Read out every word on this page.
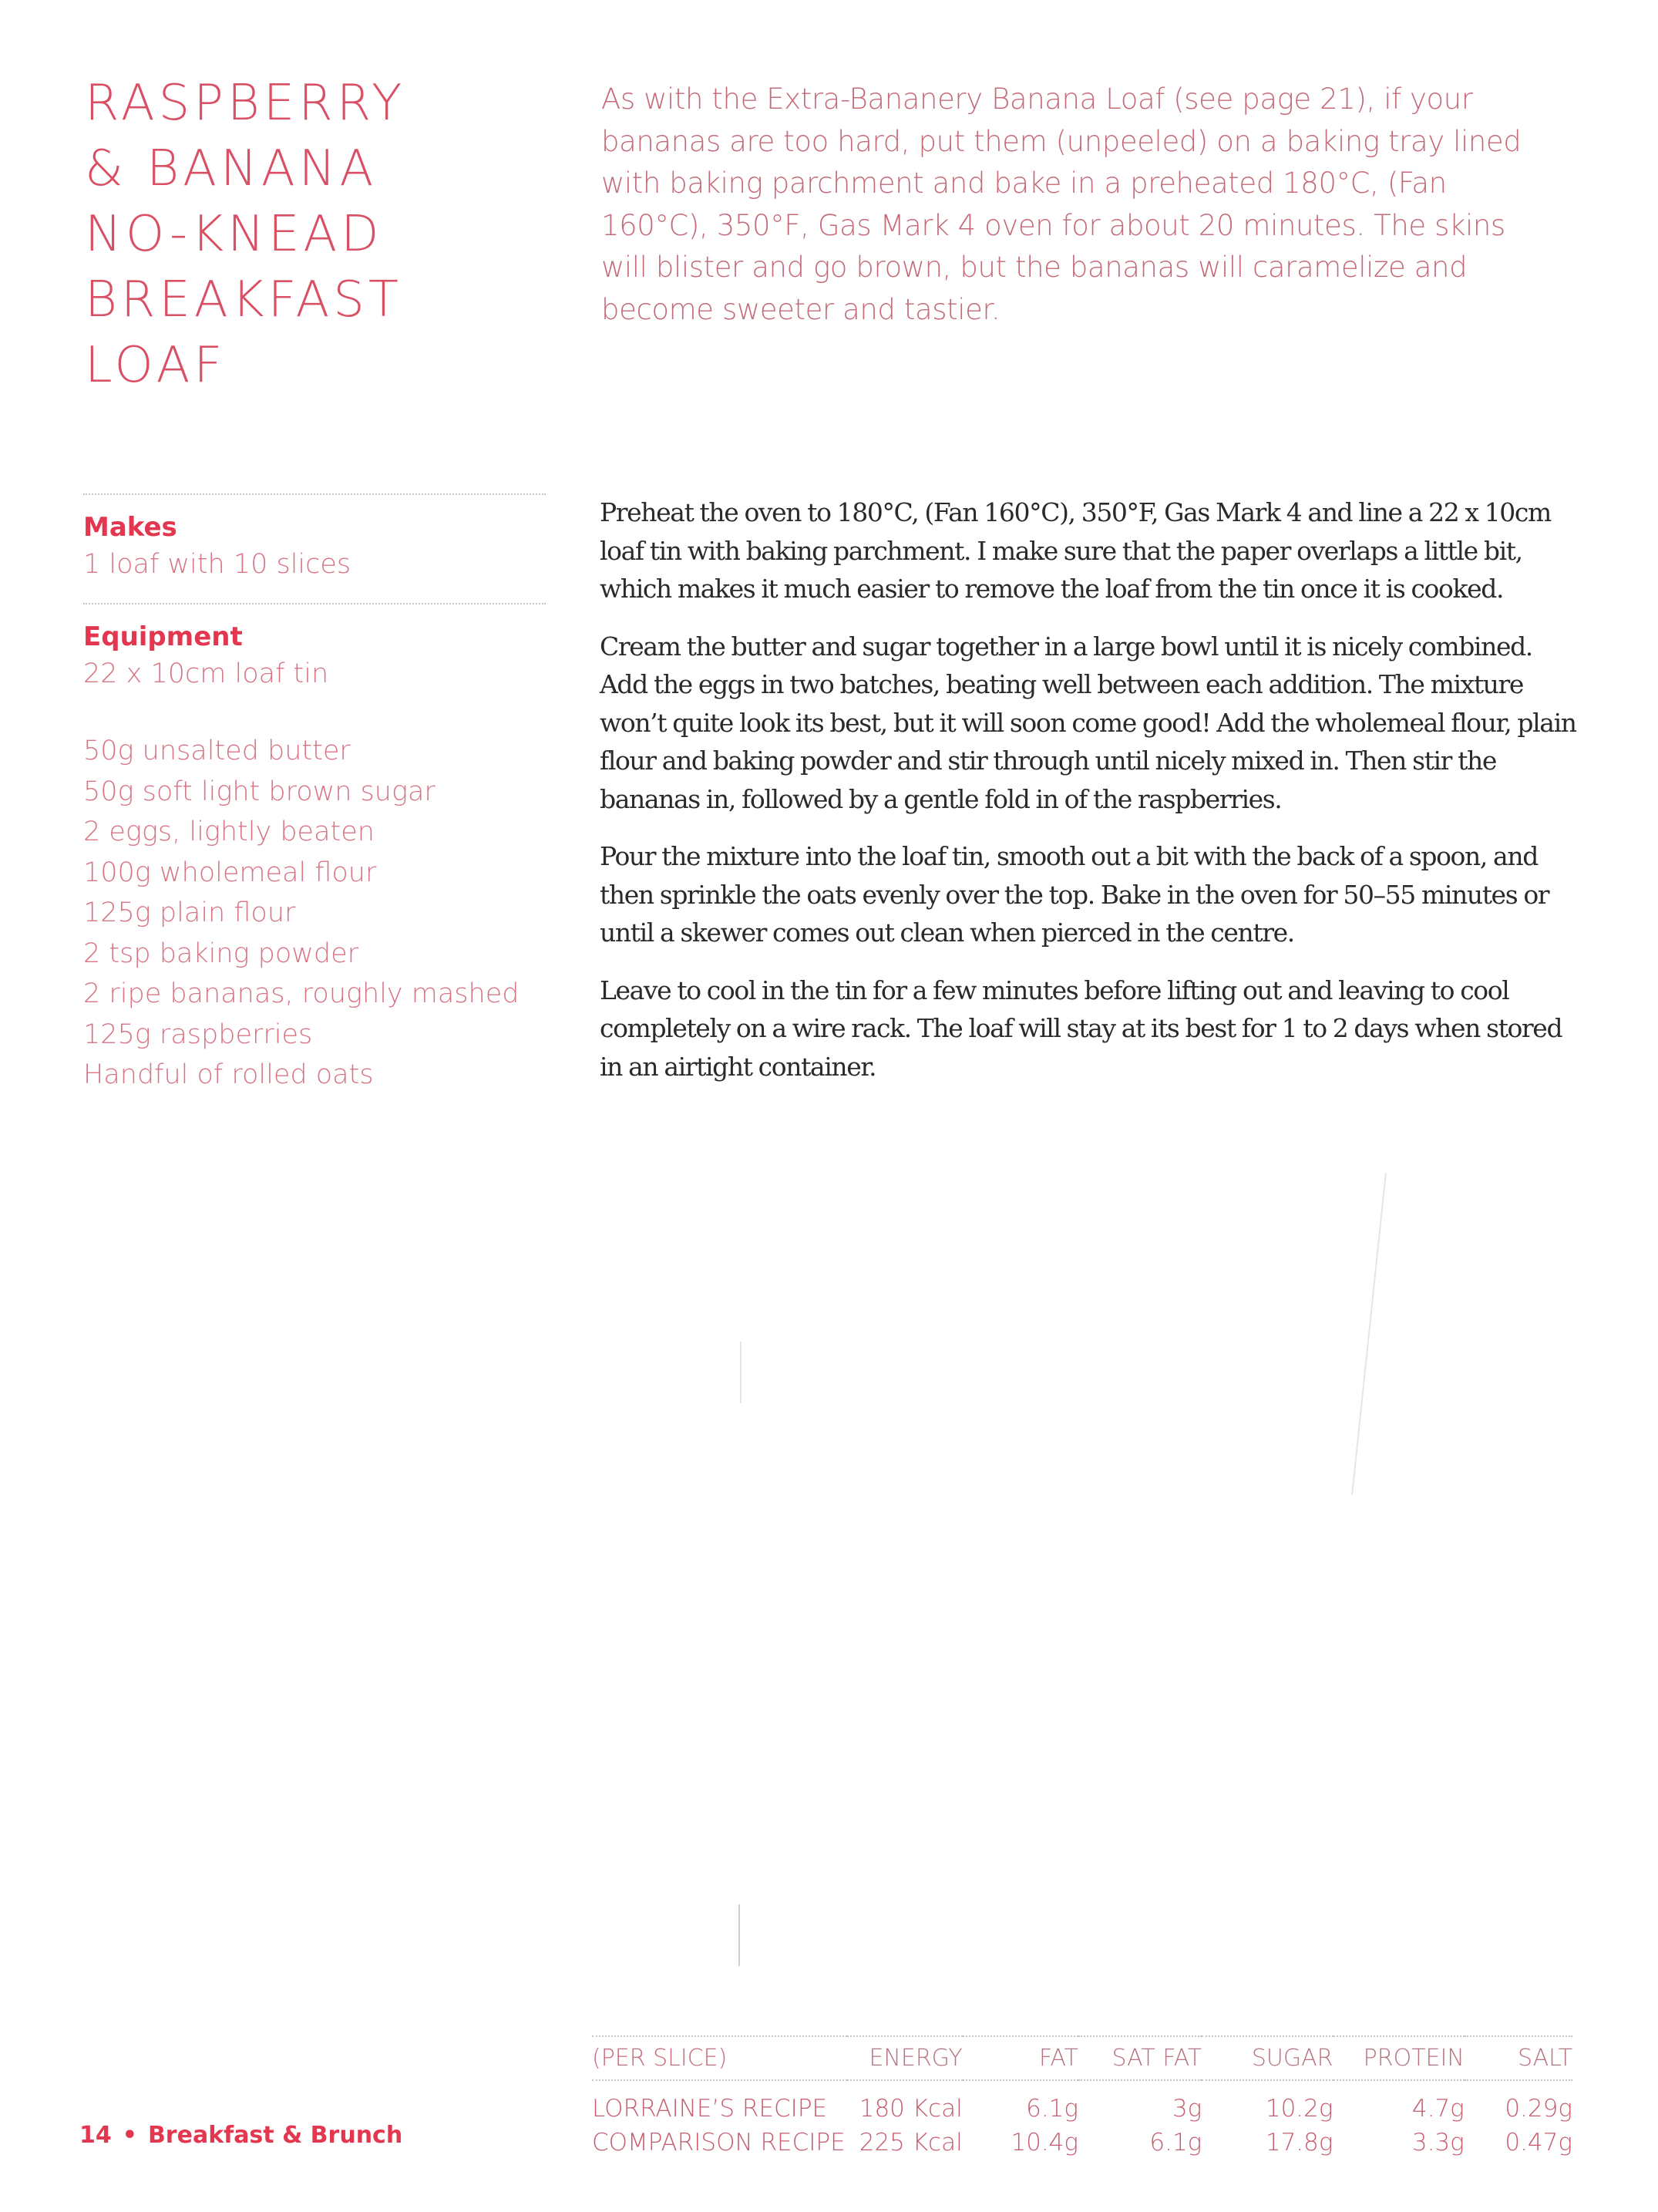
RASPBERRY
& BANANA
NO-KNEAD
BREAKFAST
LOAF

As with the Extra-Bananery Banana Loaf (see page 21), if your bananas are too hard, put them (unpeeled) on a baking tray lined with baking parchment and bake in a preheated 180°C, (Fan 160°C), 350°F, Gas Mark 4 oven for about 20 minutes. The skins will blister and go brown, but the bananas will caramelize and become sweeter and tastier.

Makes
1 loaf with 10 slices
Equipment
22 x 10cm loaf tin
50g unsalted butter
50g soft light brown sugar
2 eggs, lightly beaten
100g wholemeal flour
125g plain flour
2 tsp baking powder
2 ripe bananas, roughly mashed
125g raspberries
Handful of rolled oats

Preheat the oven to 180°C, (Fan 160°C), 350°F, Gas Mark 4 and line a 22 x 10cm loaf tin with baking parchment. I make sure that the paper overlaps a little bit, which makes it much easier to remove the loaf from the tin once it is cooked.

Cream the butter and sugar together in a large bowl until it is nicely combined. Add the eggs in two batches, beating well between each addition. The mixture won’t quite look its best, but it will soon come good! Add the wholemeal flour, plain flour and baking powder and stir through until nicely mixed in. Then stir the bananas in, followed by a gentle fold in of the raspberries.

Pour the mixture into the loaf tin, smooth out a bit with the back of a spoon, and then sprinkle the oats evenly over the top. Bake in the oven for 50–55 minutes or until a skewer comes out clean when pierced in the centre.

Leave to cool in the tin for a few minutes before lifting out and leaving to cool completely on a wire rack. The loaf will stay at its best for 1 to 2 days when stored in an airtight container.

(PER SLICE)	ENERGY	FAT	SAT FAT	SUGAR	PROTEIN	SALT
LORRAINE’S RECIPE	180 Kcal	6.1g	3g	10.2g	4.7g	0.29g
COMPARISON RECIPE	225 Kcal	10.4g	6.1g	17.8g	3.3g	0.47g
14 • Breakfast & Brunch
